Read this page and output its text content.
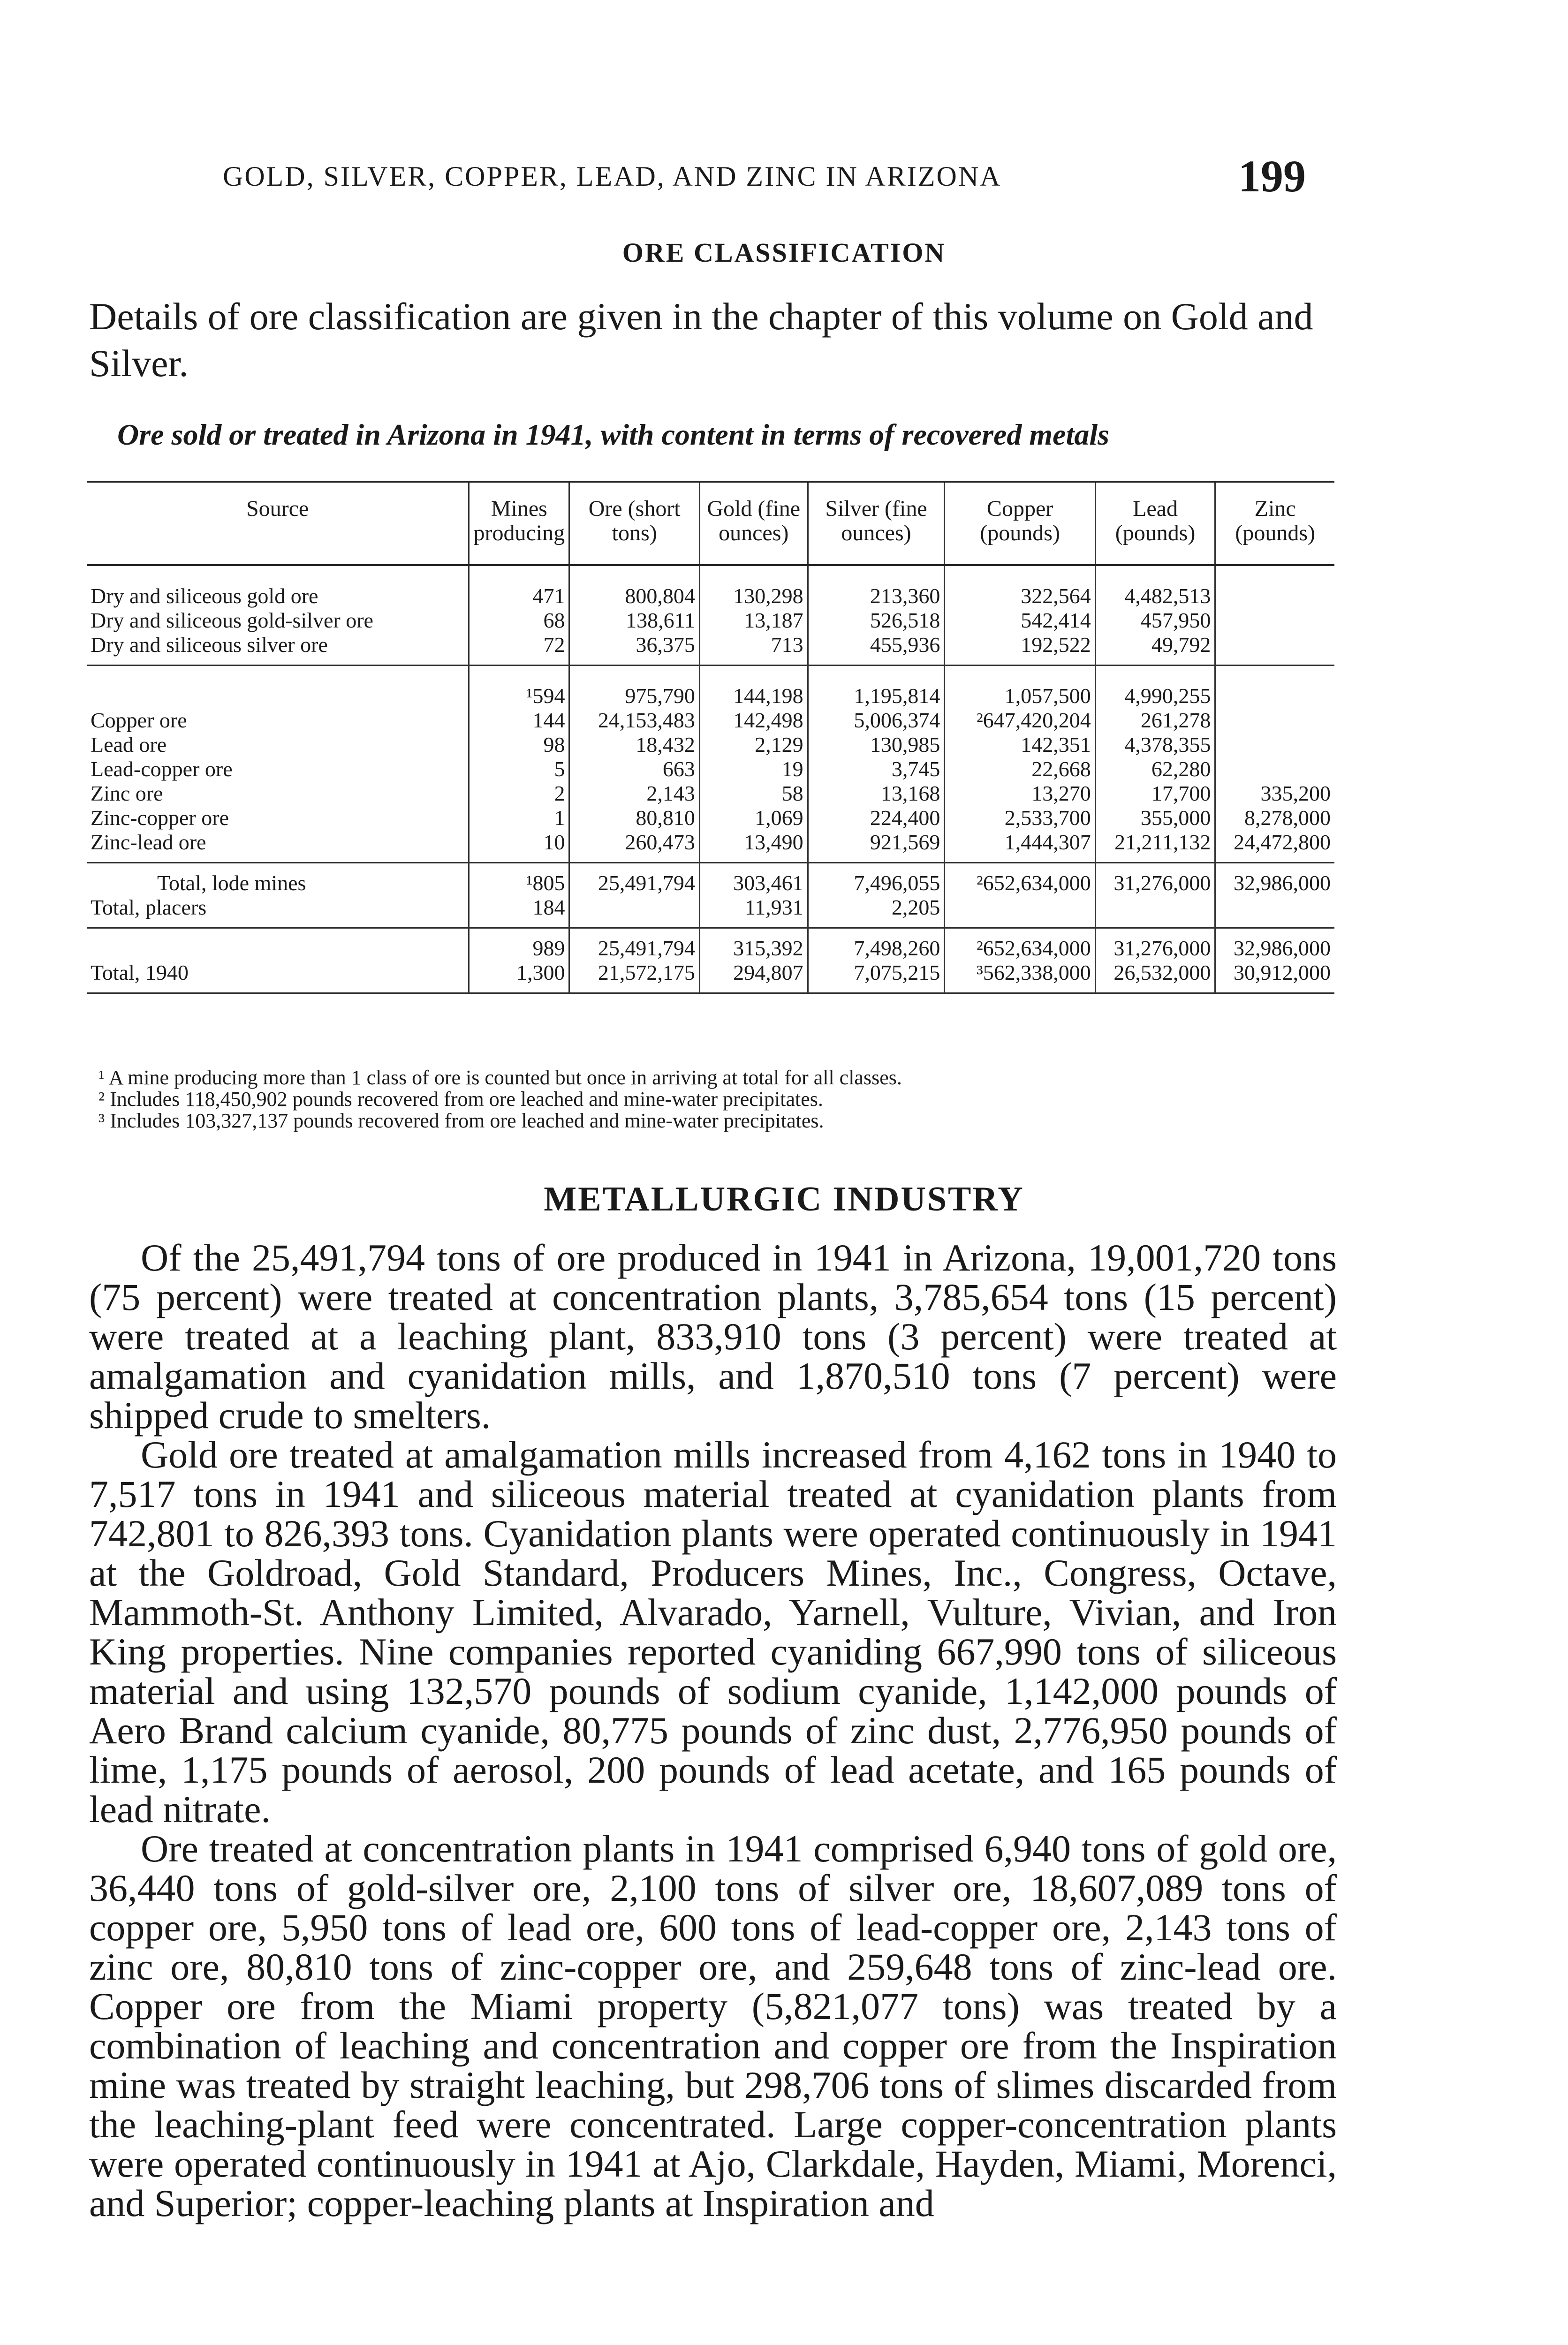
GOLD, SILVER, COPPER, LEAD, AND ZINC IN ARIZONA	199
ORE CLASSIFICATION
Details of ore classification are given in the chapter of this volume on Gold and Silver.
Ore sold or treated in Arizona in 1941, with content in terms of recovered metals
Source	Mines producing	Ore (short tons)	Gold (fine ounces)	Silver (fine ounces)	Copper (pounds)	Lead (pounds)	Zinc (pounds)
Dry and siliceous gold ore	471	800,804	130,298	213,360	322,564	4,482,513	
Dry and siliceous gold-silver ore	68	138,611	13,187	526,518	542,414	457,950	
Dry and siliceous silver ore	72	36,375	713	455,936	192,522	49,792	
	¹594	975,790	144,198	1,195,814	1,057,500	4,990,255	
Copper ore	144	24,153,483	142,498	5,006,374	²647,420,204	261,278	
Lead ore	98	18,432	2,129	130,985	142,351	4,378,355	
Lead-copper ore	5	663	19	3,745	22,668	62,280	
Zinc ore	2	2,143	58	13,168	13,270	17,700	335,200
Zinc-copper ore	1	80,810	1,069	224,400	2,533,700	355,000	8,278,000
Zinc-lead ore	10	260,473	13,490	921,569	1,444,307	21,211,132	24,472,800
Total, lode mines	¹805	25,491,794	303,461	7,496,055	²652,634,000	31,276,000	32,986,000
Total, placers	184		11,931	2,205			
	989	25,491,794	315,392	7,498,260	²652,634,000	31,276,000	32,986,000
Total, 1940	1,300	21,572,175	294,807	7,075,215	³562,338,000	26,532,000	30,912,000
¹ A mine producing more than 1 class of ore is counted but once in arriving at total for all classes.
² Includes 118,450,902 pounds recovered from ore leached and mine-water precipitates.
³ Includes 103,327,137 pounds recovered from ore leached and mine-water precipitates.
METALLURGIC INDUSTRY

Of the 25,491,794 tons of ore produced in 1941 in Arizona, 19,001,720 tons (75 percent) were treated at concentration plants, 3,785,654 tons (15 percent) were treated at a leaching plant, 833,910 tons (3 percent) were treated at amalgamation and cyanidation mills, and 1,870,510 tons (7 percent) were shipped crude to smelters.

Gold ore treated at amalgamation mills increased from 4,162 tons in 1940 to 7,517 tons in 1941 and siliceous material treated at cyanidation plants from 742,801 to 826,393 tons. Cyanidation plants were operated continuously in 1941 at the Goldroad, Gold Standard, Producers Mines, Inc., Congress, Octave, Mammoth-St. Anthony Limited, Alvarado, Yarnell, Vulture, Vivian, and Iron King properties. Nine companies reported cyaniding 667,990 tons of siliceous material and using 132,570 pounds of sodium cyanide, 1,142,000 pounds of Aero Brand calcium cyanide, 80,775 pounds of zinc dust, 2,776,950 pounds of lime, 1,175 pounds of aerosol, 200 pounds of lead acetate, and 165 pounds of lead nitrate.

Ore treated at concentration plants in 1941 comprised 6,940 tons of gold ore, 36,440 tons of gold-silver ore, 2,100 tons of silver ore, 18,607,089 tons of copper ore, 5,950 tons of lead ore, 600 tons of lead-copper ore, 2,143 tons of zinc ore, 80,810 tons of zinc-copper ore, and 259,648 tons of zinc-lead ore. Copper ore from the Miami property (5,821,077 tons) was treated by a combination of leaching and concentration and copper ore from the Inspiration mine was treated by straight leaching, but 298,706 tons of slimes discarded from the leaching-plant feed were concentrated. Large copper-concentration plants were operated continuously in 1941 at Ajo, Clarkdale, Hayden, Miami, Morenci, and Superior; copper-leaching plants at Inspiration and
